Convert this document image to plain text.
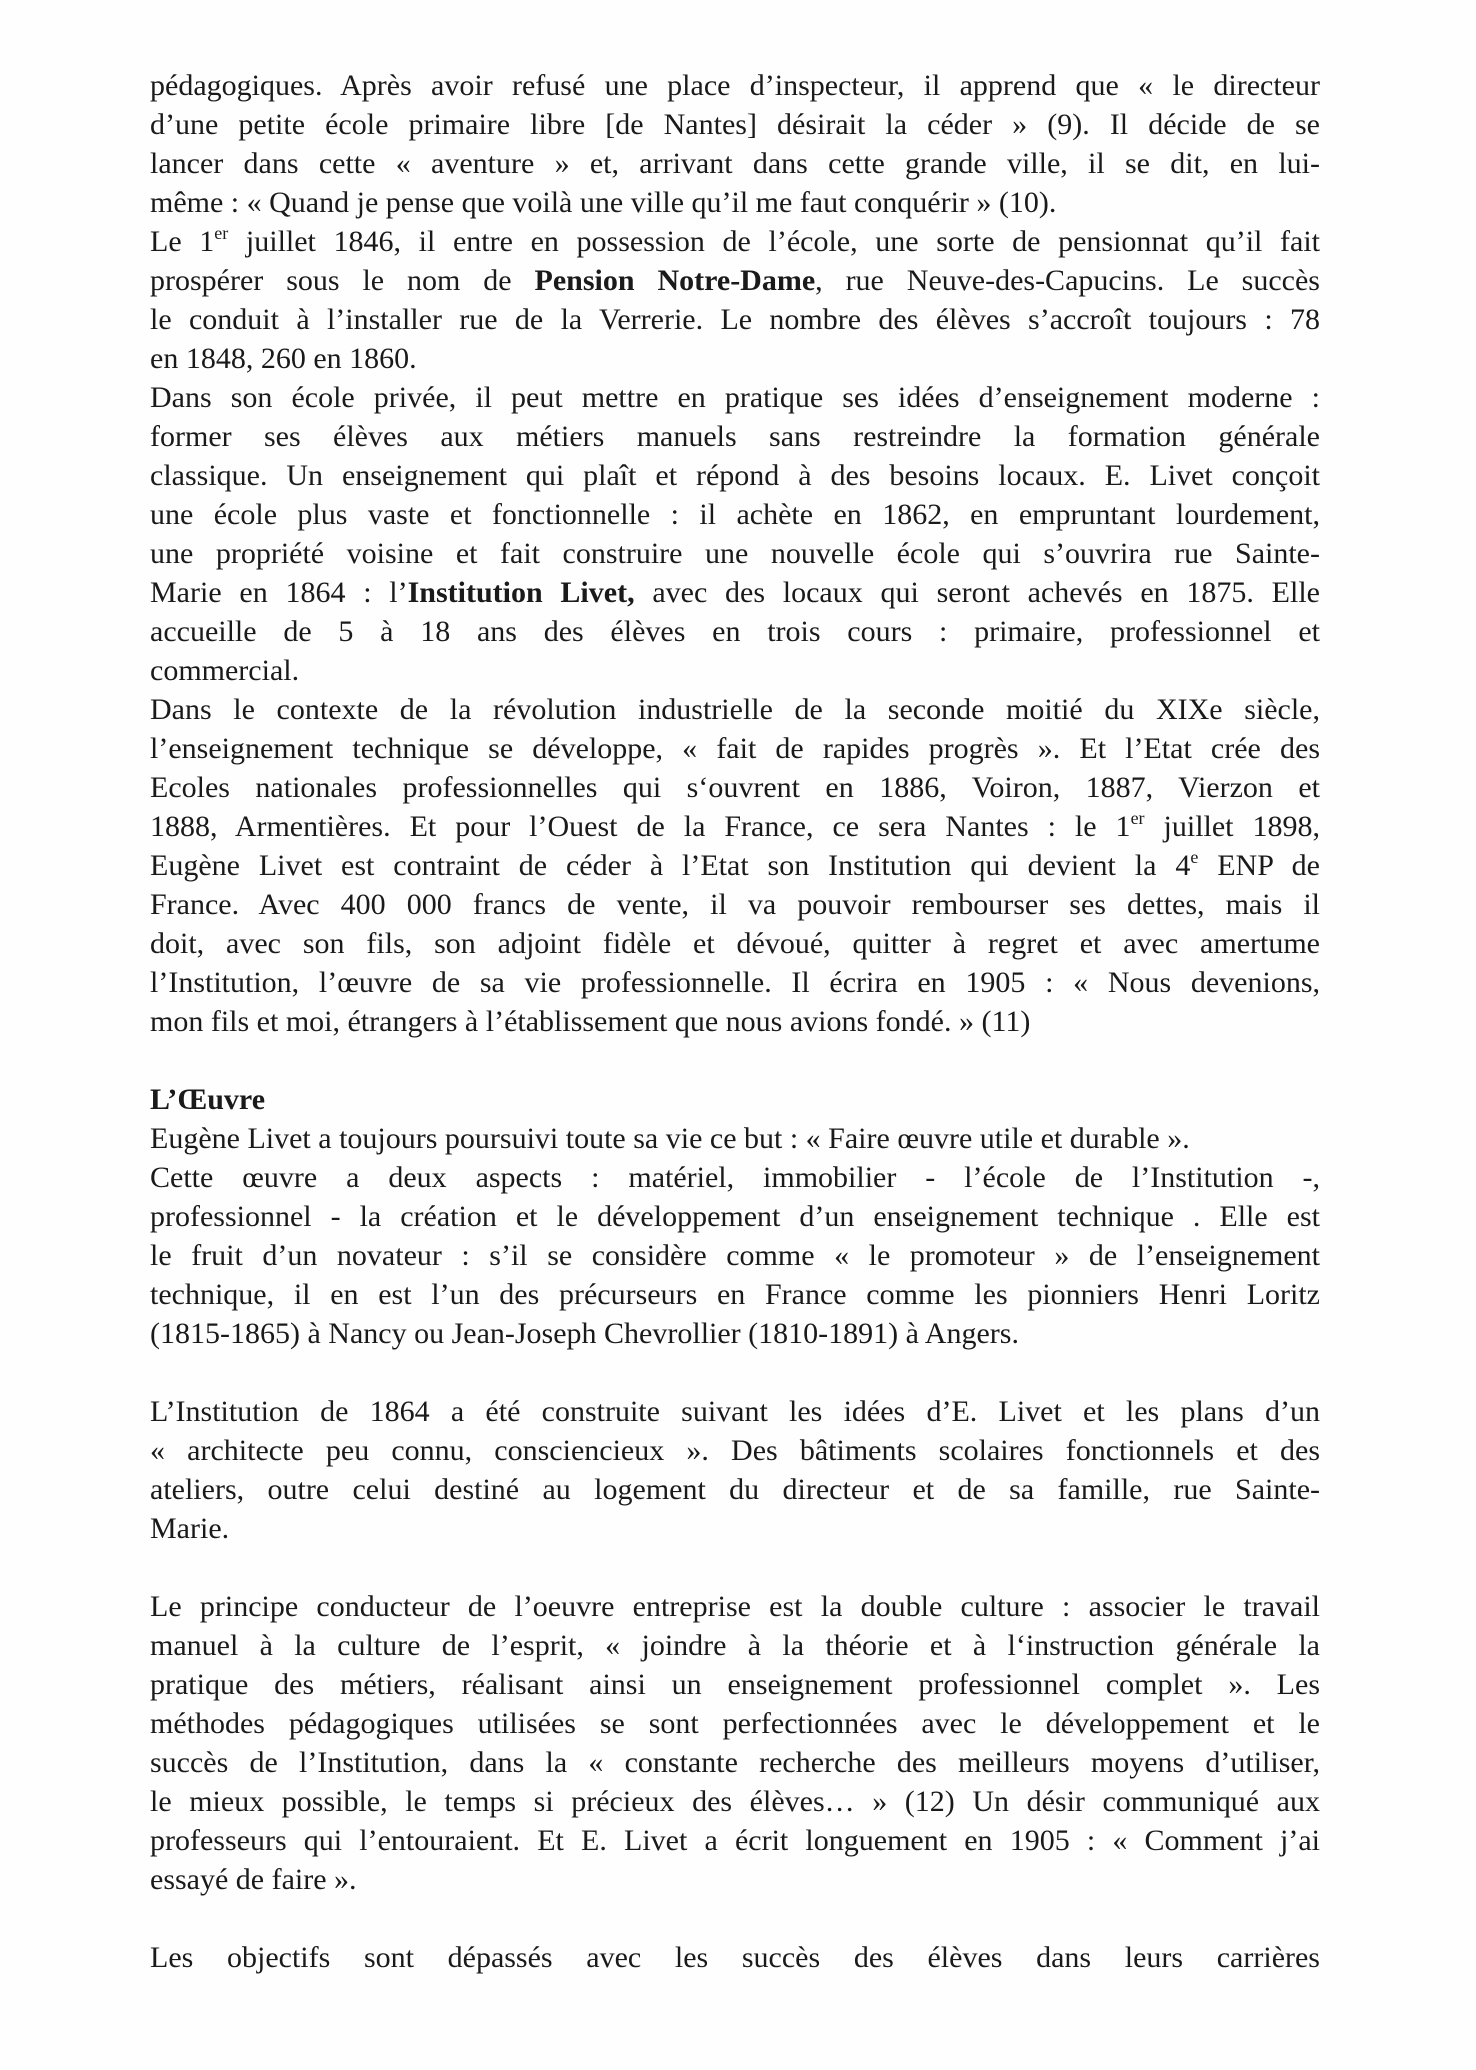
pédagogiques. Après avoir refusé une place d’inspecteur, il apprend que « le directeur
d’une petite école primaire libre [de Nantes] désirait la céder » (9). Il décide de se
lancer dans cette « aventure » et, arrivant dans cette grande ville, il se dit, en lui-
même : « Quand je pense que voilà une ville qu’il me faut conquérir » (10).
Le 1er juillet 1846, il entre en possession de l’école, une sorte de pensionnat qu’il fait
prospérer sous le nom de Pension Notre-Dame, rue Neuve-des-Capucins. Le succès
le conduit à l’installer rue de la Verrerie. Le nombre des élèves s’accroît toujours : 78
en 1848, 260 en 1860.
Dans son école privée, il peut mettre en pratique ses idées d’enseignement moderne :
former ses élèves aux métiers manuels sans restreindre la formation générale
classique. Un enseignement qui plaît et répond à des besoins locaux. E. Livet conçoit
une école plus vaste et fonctionnelle : il achète en 1862, en empruntant lourdement,
une propriété voisine et fait construire une nouvelle école qui s’ouvrira rue Sainte-
Marie en 1864 : l’Institution Livet, avec des locaux qui seront achevés en 1875. Elle
accueille de 5 à 18 ans des élèves en trois cours : primaire, professionnel et
commercial.
Dans le contexte de la révolution industrielle de la seconde moitié du XIXe siècle,
l’enseignement technique se développe, « fait de rapides progrès ». Et l’Etat crée des
Ecoles nationales professionnelles qui s‘ouvrent en 1886, Voiron, 1887, Vierzon et
1888, Armentières. Et pour l’Ouest de la France, ce sera Nantes : le 1er juillet 1898,
Eugène Livet est contraint de céder à l’Etat son Institution qui devient la 4e ENP de
France. Avec 400 000 francs de vente, il va pouvoir rembourser ses dettes, mais il
doit, avec son fils, son adjoint fidèle et dévoué, quitter à regret et avec amertume
l’Institution, l’œuvre de sa vie professionnelle. Il écrira en 1905 : « Nous devenions,
mon fils et moi, étrangers à l’établissement que nous avions fondé. » (11)
L’Œuvre
Eugène Livet a toujours poursuivi toute sa vie ce but : « Faire œuvre utile et durable ».
Cette œuvre a deux aspects : matériel, immobilier - l’école de l’Institution -,
professionnel - la création et le développement d’un enseignement technique . Elle est
le fruit d’un novateur : s’il se considère comme « le promoteur » de l’enseignement
technique, il en est l’un des précurseurs en France comme les pionniers Henri Loritz
(1815-1865) à Nancy ou Jean-Joseph Chevrollier (1810-1891) à Angers.
L’Institution de 1864 a été construite suivant les idées d’E. Livet et les plans d’un
« architecte peu connu, consciencieux ». Des bâtiments scolaires fonctionnels et des
ateliers, outre celui destiné au logement du directeur et de sa famille, rue Sainte-
Marie.
Le principe conducteur de l’oeuvre entreprise est la double culture : associer le travail
manuel à la culture de l’esprit, « joindre à la théorie et à l‘instruction générale la
pratique des métiers, réalisant ainsi un enseignement professionnel complet ». Les
méthodes pédagogiques utilisées se sont perfectionnées avec le développement et le
succès de l’Institution, dans la « constante recherche des meilleurs moyens d’utiliser,
le mieux possible, le temps si précieux des élèves… » (12) Un désir communiqué aux
professeurs qui l’entouraient. Et E. Livet a écrit longuement en 1905 : « Comment j’ai
essayé de faire ».
Les objectifs sont dépassés avec les succès des élèves dans leurs carrières
